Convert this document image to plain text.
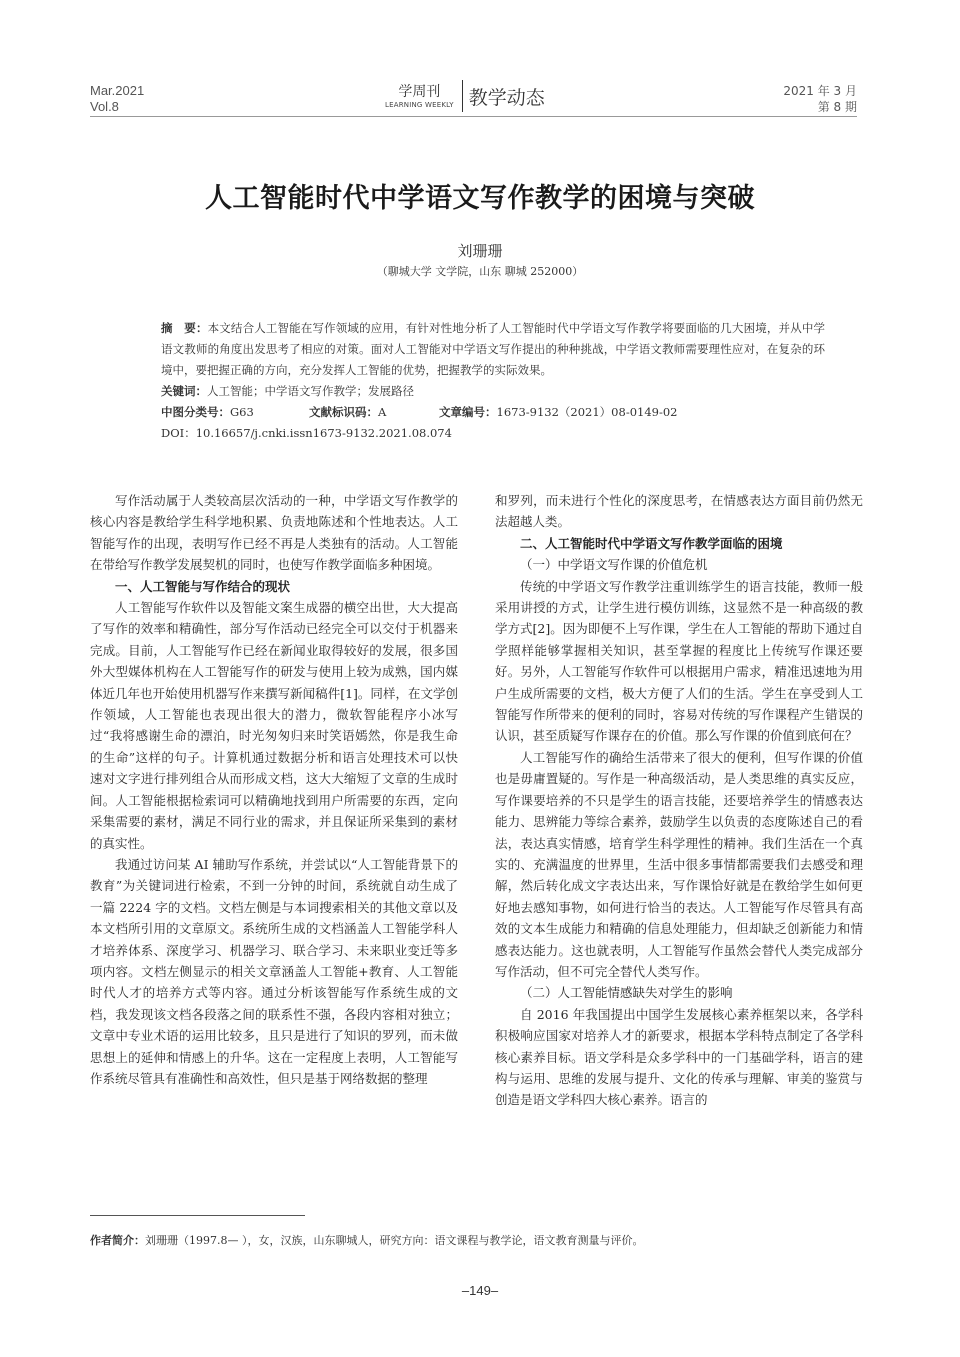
Mar.2021
Vol.8
学周刊
LEARNING WEEKLY 教学动态	2021 年 3 月
第 8 期
人工智能时代中学语文写作教学的困境与突破
刘珊珊
（聊城大学 文学院，山东 聊城 252000）

摘　要：本文结合人工智能在写作领域的应用，有针对性地分析了人工智能时代中学语文写作教学将要面临的几大困境，并从中学语文教师的角度出发思考了相应的对策。面对人工智能对中学语文写作提出的种种挑战，中学语文教师需要理性应对，在复杂的环境中，要把握正确的方向，充分发挥人工智能的优势，把握教学的实际效果。

关键词：人工智能；中学语文写作教学；发展路径

中图分类号：G63	文献标识码：A	文章编号：1673-9132（2021）08-0149-02

DOI：10.16657/j.cnki.issn1673-9132.2021.08.074

写作活动属于人类较高层次活动的一种，中学语文写作教学的核心内容是教给学生科学地积累、负责地陈述和个性地表达。人工智能写作的出现，表明写作已经不再是人类独有的活动。人工智能在带给写作教学发展契机的同时，也使写作教学面临多种困境。

一、人工智能与写作结合的现状

人工智能写作软件以及智能文案生成器的横空出世，大大提高了写作的效率和精确性，部分写作活动已经完全可以交付于机器来完成。目前，人工智能写作已经在新闻业取得较好的发展，很多国外大型媒体机构在人工智能写作的研发与使用上较为成熟，国内媒体近几年也开始使用机器写作来撰写新闻稿件[1]。同样，在文学创作领域，人工智能也表现出很大的潜力，微软智能程序小冰写过“我将感谢生命的漂泊，时光匆匆归来时笑语嫣然，你是我生命的生命”这样的句子。计算机通过数据分析和语言处理技术可以快速对文字进行排列组合从而形成文档，这大大缩短了文章的生成时间。人工智能根据检索词可以精确地找到用户所需要的东西，定向采集需要的素材，满足不同行业的需求，并且保证所采集到的素材的真实性。

我通过访问某 AI 辅助写作系统，并尝试以“人工智能背景下的教育”为关键词进行检索，不到一分钟的时间，系统就自动生成了一篇 2224 字的文档。文档左侧是与本词搜索相关的其他文章以及本文档所引用的文章原文。系统所生成的文档涵盖人工智能学科人才培养体系、深度学习、机器学习、联合学习、未来职业变迁等多项内容。文档左侧显示的相关文章涵盖人工智能+教育、人工智能时代人才的培养方式等内容。通过分析该智能写作系统生成的文档，我发现该文档各段落之间的联系性不强，各段内容相对独立；文章中专业术语的运用比较多，且只是进行了知识的罗列，而未做思想上的延伸和情感上的升华。这在一定程度上表明，人工智能写作系统尽管具有准确性和高效性，但只是基于网络数据的整理

和罗列，而未进行个性化的深度思考，在情感表达方面目前仍然无法超越人类。

二、人工智能时代中学语文写作教学面临的困境
（一）中学语文写作课的价值危机

传统的中学语文写作教学注重训练学生的语言技能，教师一般采用讲授的方式，让学生进行模仿训练，这显然不是一种高级的教学方式[2]。因为即便不上写作课，学生在人工智能的帮助下通过自学照样能够掌握相关知识，甚至掌握的程度比上传统写作课还要好。另外，人工智能写作软件可以根据用户需求，精准迅速地为用户生成所需要的文档，极大方便了人们的生活。学生在享受到人工智能写作所带来的便利的同时，容易对传统的写作课程产生错误的认识，甚至质疑写作课存在的价值。那么写作课的价值到底何在？

人工智能写作的确给生活带来了很大的便利，但写作课的价值也是毋庸置疑的。写作是一种高级活动，是人类思维的真实反应，写作课要培养的不只是学生的语言技能，还要培养学生的情感表达能力、思辨能力等综合素养，鼓励学生以负责的态度陈述自己的看法，表达真实情感，培育学生科学理性的精神。我们生活在一个真实的、充满温度的世界里，生活中很多事情都需要我们去感受和理解，然后转化成文字表达出来，写作课恰好就是在教给学生如何更好地去感知事物，如何进行恰当的表达。人工智能写作尽管具有高效的文本生成能力和精确的信息处理能力，但却缺乏创新能力和情感表达能力。这也就表明，人工智能写作虽然会替代人类完成部分写作活动，但不可完全替代人类写作。

（二）人工智能情感缺失对学生的影响

自 2016 年我国提出中国学生发展核心素养框架以来，各学科积极响应国家对培养人才的新要求，根据本学科特点制定了各学科核心素养目标。语文学科是众多学科中的一门基础学科，语言的建构与运用、思维的发展与提升、文化的传承与理解、审美的鉴赏与创造是语文学科四大核心素养。语言的

作者简介：刘珊珊（1997.8— ），女，汉族，山东聊城人，研究方向：语文课程与教学论，语文教育测量与评价。
–149–
